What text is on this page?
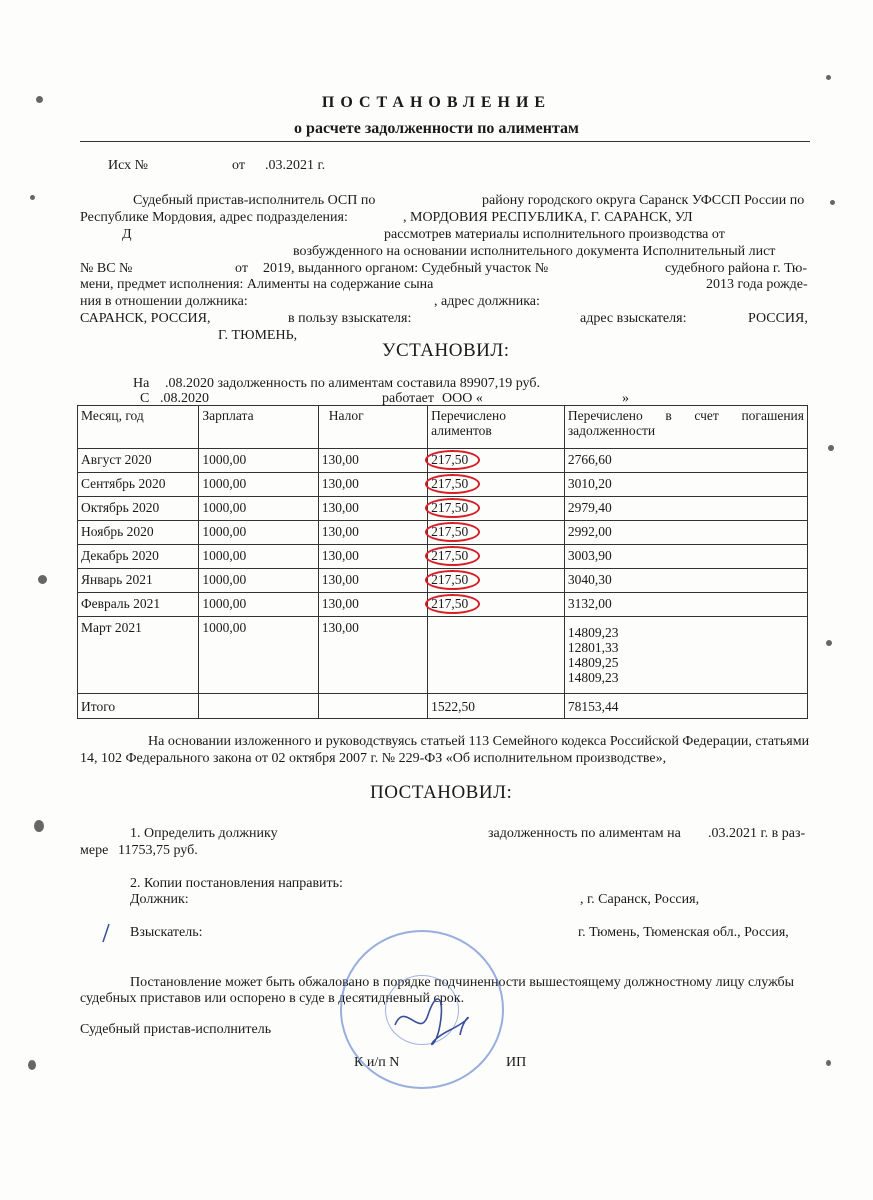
ПОСТАНОВЛЕНИЕ
о расчете задолженности по алиментам
Исх №	от .03.2021 г.
Судебный пристав-исполнитель ОСП по	району городского округа Саранск УФССП России по
Республике Мордовия, адрес подразделения:	, МОРДОВИЯ РЕСПУБЛИКА, Г. САРАНСК, УЛ
Д	рассмотрев материалы исполнительного производства от
возбужденного на основании исполнительного документа Исполнительный лист
№ ВС №	от 2019, выданного органом: Судебный участок №	судебного района г. Тю-
мени, предмет исполнения: Алименты на содержание сына	2013 года рожде-
ния в отношении должника:	, адрес должника:
САРАНСК, РОССИЯ,	в пользу взыскателя:	адрес взыскателя:	РОССИЯ,
Г. ТЮМЕНЬ,
УСТАНОВИЛ:
На .08.2020 задолженность по алиментам составила 89907,19 руб.
С .08.2020	работает ООО «	»
Месяц, год	Зарплата	Налог	Перечислено алиментов	Перечислено в счет погашения задолженности
Август 2020	1000,00	130,00	217,50	2766,60
Сентябрь 2020	1000,00	130,00	217,50	3010,20
Октябрь 2020	1000,00	130,00	217,50	2979,40
Ноябрь 2020	1000,00	130,00	217,50	2992,00
Декабрь 2020	1000,00	130,00	217,50	3003,90
Январь 2021	1000,00	130,00	217,50	3040,30
Февраль 2021	1000,00	130,00	217,50	3132,00
Март 2021	1000,00	130,00		14809,23
12801,33
14809,25
14809,23

Итого			1522,50	78153,44
На основании изложенного и руководствуясь статьей 113 Семейного кодекса Российской Федерации, статьями
14, 102 Федерального закона от 02 октября 2007 г. № 229-ФЗ «Об исполнительном производстве»,
ПОСТАНОВИЛ:
1. Определить должнику	задолженность по алиментам на .03.2021 г. в раз-
мере 11753,75 руб.
2. Копии постановления направить:
Должник:	, г. Саранск, Россия,
Взыскатель:	г. Тюмень, Тюменская обл., Россия,
Постановление может быть обжаловано в порядке подчиненности вышестоящему должностному лицу службы
судебных приставов или оспорено в суде в десятидневный срок.
Судебный пристав-исполнитель
К и/п N	ИП
